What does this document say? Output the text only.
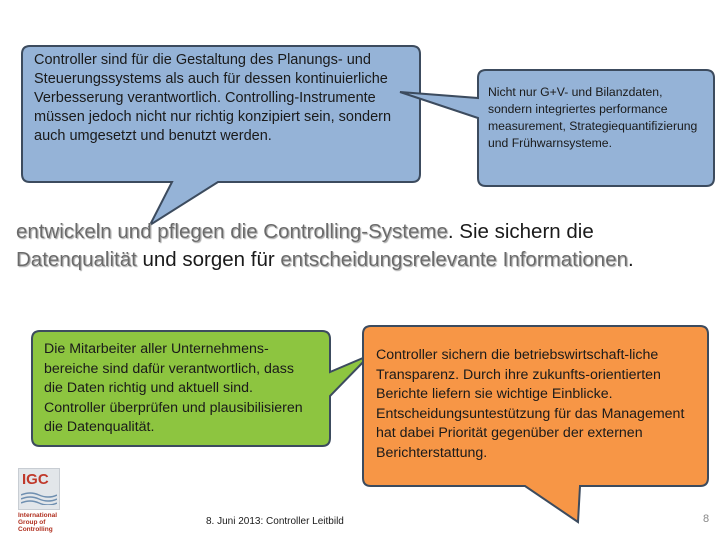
Controller sind für die Gestaltung des Planungs- und Steuerungssystems als auch für dessen kontinuierliche Verbesserung verantwortlich. Controlling-Instrumente müssen jedoch nicht nur richtig konzipiert sein, sondern auch umgesetzt und benutzt werden.
Nicht nur G+V- und Bilanzdaten, sondern integriertes performance measurement, Strategiequantifizierung und Frühwarnsysteme.
entwickeln und pflegen die Controlling-Systeme. Sie sichern die
Datenqualität und sorgen für entscheidungsrelevante Informationen.
Die Mitarbeiter aller Unternehmens-bereiche sind dafür verantwortlich, dass die Daten richtig und aktuell sind. Controller überprüfen und plausibilisieren die Datenqualität.
Controller sichern die betriebswirtschaft-liche Transparenz. Durch ihre zukunfts-orientierten Berichte liefern sie wichtige Einblicke. Entscheidungsuntestützung für das Management hat dabei Priorität gegenüber der externen Berichterstattung.
IGC
International
Group of
Controlling
8. Juni 2013: Controller Leitbild	8
